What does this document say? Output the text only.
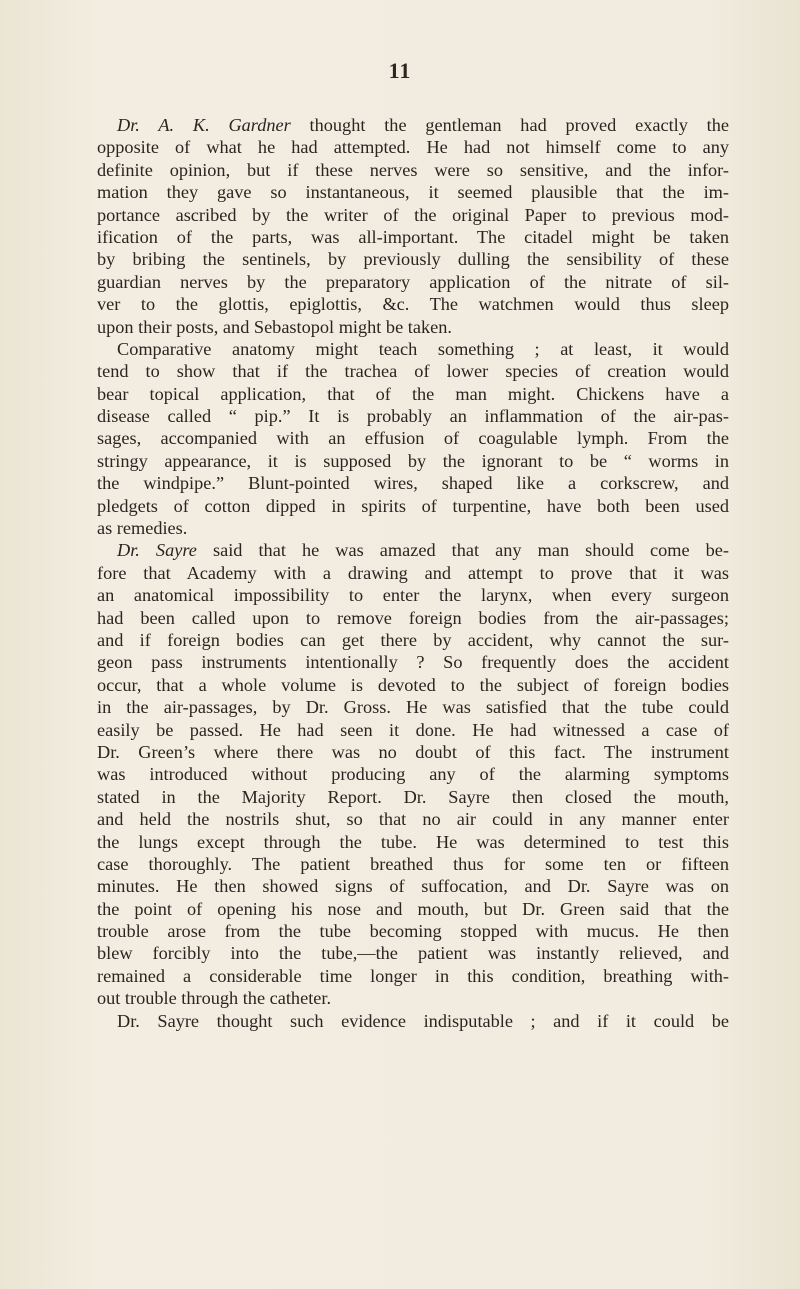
11
Dr. A. K. Gardner thought the gentleman had proved exactly the
opposite of what he had attempted. He had not himself come to any
definite opinion, but if these nerves were so sensitive, and the infor-
mation they gave so instantaneous, it seemed plausible that the im-
portance ascribed by the writer of the original Paper to previous mod-
ification of the parts, was all-important. The citadel might be taken
by bribing the sentinels, by previously dulling the sensibility of these
guardian nerves by the preparatory application of the nitrate of sil-
ver to the glottis, epiglottis, &c. The watchmen would thus sleep
upon their posts, and Sebastopol might be taken.
Comparative anatomy might teach something ; at least, it would
tend to show that if the trachea of lower species of creation would
bear topical application, that of the man might. Chickens have a
disease called “ pip.” It is probably an inflammation of the air-pas-
sages, accompanied with an effusion of coagulable lymph. From the
stringy appearance, it is supposed by the ignorant to be “ worms in
the windpipe.” Blunt-pointed wires, shaped like a corkscrew, and
pledgets of cotton dipped in spirits of turpentine, have both been used
as remedies.
Dr. Sayre said that he was amazed that any man should come be-
fore that Academy with a drawing and attempt to prove that it was
an anatomical impossibility to enter the larynx, when every surgeon
had been called upon to remove foreign bodies from the air-passages;
and if foreign bodies can get there by accident, why cannot the sur-
geon pass instruments intentionally ? So frequently does the accident
occur, that a whole volume is devoted to the subject of foreign bodies
in the air-passages, by Dr. Gross. He was satisfied that the tube could
easily be passed. He had seen it done. He had witnessed a case of
Dr. Green’s where there was no doubt of this fact. The instrument
was introduced without producing any of the alarming symptoms
stated in the Majority Report. Dr. Sayre then closed the mouth,
and held the nostrils shut, so that no air could in any manner enter
the lungs except through the tube. He was determined to test this
case thoroughly. The patient breathed thus for some ten or fifteen
minutes. He then showed signs of suffocation, and Dr. Sayre was on
the point of opening his nose and mouth, but Dr. Green said that the
trouble arose from the tube becoming stopped with mucus. He then
blew forcibly into the tube,—the patient was instantly relieved, and
remained a considerable time longer in this condition, breathing with-
out trouble through the catheter.
Dr. Sayre thought such evidence indisputable ; and if it could be
